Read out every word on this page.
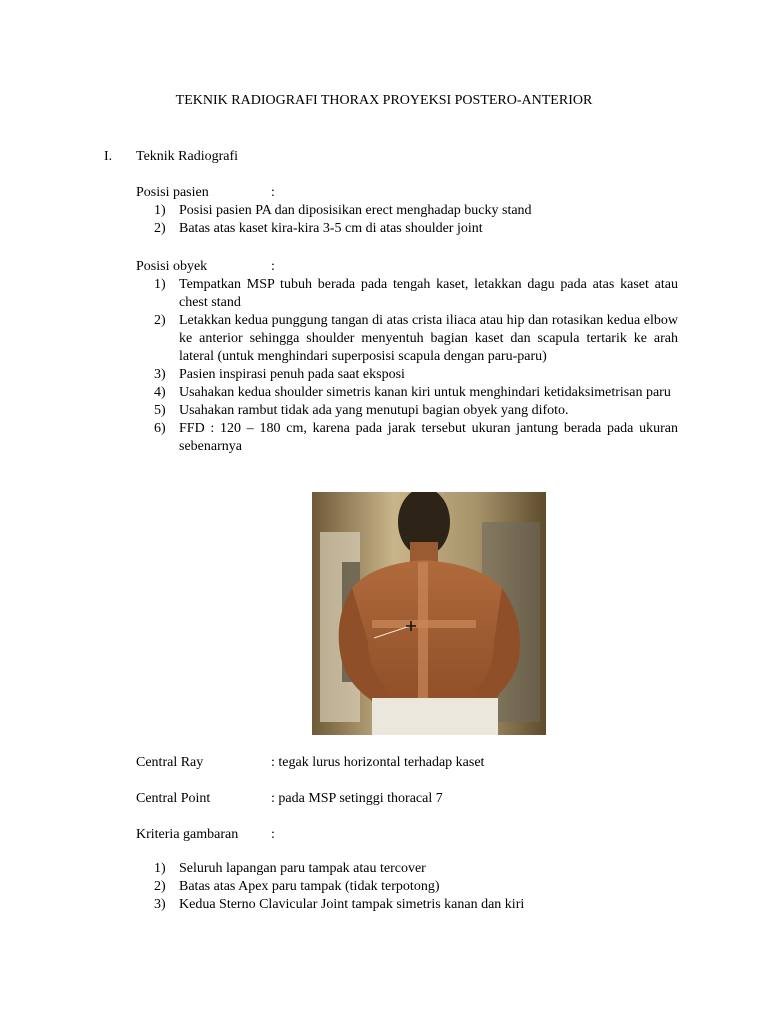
TEKNIK RADIOGRAFI THORAX PROYEKSI POSTERO-ANTERIOR
I. Teknik Radiografi
Posisi pasien	:
1) Posisi pasien PA dan diposisikan erect menghadap bucky stand
2) Batas atas kaset kira-kira 3-5 cm di atas shoulder joint
Posisi obyek	:
1) Tempatkan MSP tubuh berada pada tengah kaset, letakkan dagu pada atas kaset atau chest stand
2) Letakkan kedua punggung tangan di atas crista iliaca atau hip dan rotasikan kedua elbow ke anterior sehingga shoulder menyentuh bagian kaset dan scapula tertarik ke arah lateral (untuk menghindari superposisi scapula dengan paru-paru)
3) Pasien inspirasi penuh pada saat eksposi
4) Usahakan kedua shoulder simetris kanan kiri untuk menghindari ketidaksimetrisan paru
5) Usahakan rambut tidak ada yang menutupi bagian obyek yang difoto.
6) FFD : 120 – 180 cm, karena pada jarak tersebut ukuran jantung berada pada ukuran sebenarnya
Central Ray	: tegak lurus horizontal terhadap kaset
Central Point	: pada MSP setinggi thoracal 7
Kriteria gambaran :
1) Seluruh lapangan paru tampak atau tercover
2) Batas atas Apex paru tampak (tidak terpotong)
3) Kedua Sterno Clavicular Joint tampak simetris kanan dan kiri
